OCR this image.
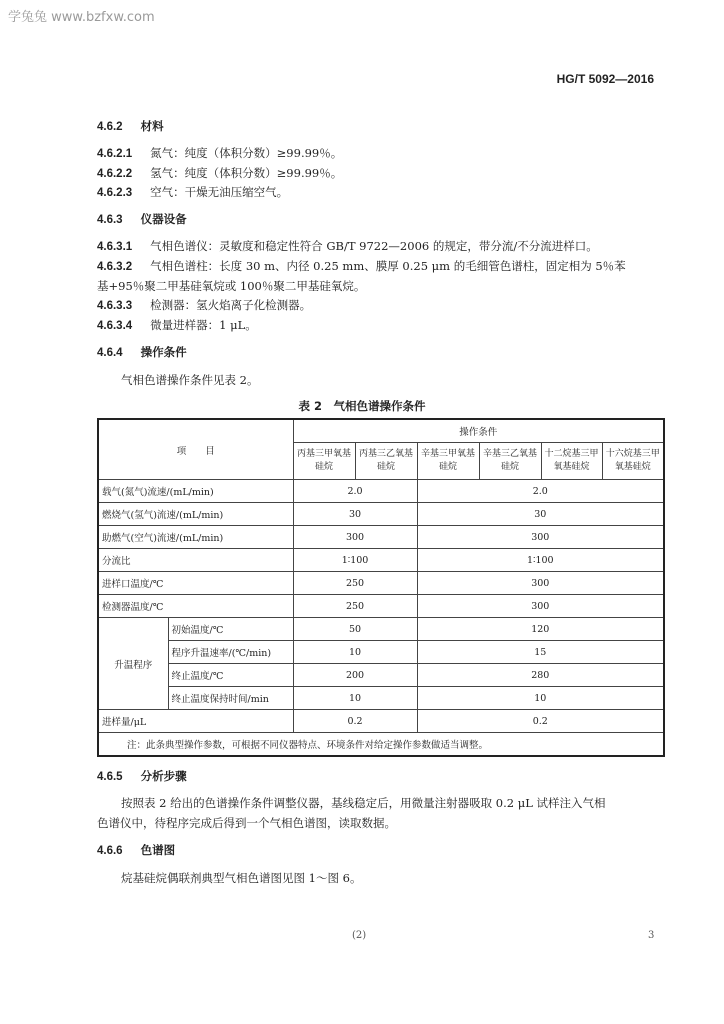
学兔兔 www.bzfxw.com
HG/T 5092—2016
4.6.2 材料
4.6.2.1 氮气：纯度（体积分数）≥99.99％。
4.6.2.2 氢气：纯度（体积分数）≥99.99％。
4.6.2.3 空气：干燥无油压缩空气。
4.6.3 仪器设备
4.6.3.1 气相色谱仪：灵敏度和稳定性符合 GB/T 9722—2006 的规定，带分流/不分流进样口。
4.6.3.2 气相色谱柱：长度 30 m、内径 0.25 mm、膜厚 0.25 μm 的毛细管色谱柱，固定相为 5％苯
基+95％聚二甲基硅氧烷或 100％聚二甲基硅氧烷。
4.6.3.3 检测器：氢火焰离子化检测器。
4.6.3.4 微量进样器：1 μL。
4.6.4 操作条件
气相色谱操作条件见表 2。
表 2　气相色谱操作条件
项　　目		操作条件					
		丙基三甲氧基硅烷	丙基三乙氧基硅烷	辛基三甲氧基硅烷	辛基三乙氧基硅烷	十二烷基三甲氧基硅烷	十六烷基三甲氧基硅烷
载气(氮气)流速/(mL/min)		2.0		2.0			
燃烧气(氢气)流速/(mL/min)		30		30			
助燃气(空气)流速/(mL/min)		300		300			
分流比		1∶100		1∶100			
进样口温度/℃		250		300			
检测器温度/℃		250		300			
升温程序	初始温度/℃	50		120			
	程序升温速率/(℃/min)	10		15			
	终止温度/℃	200		280			
	终止温度保持时间/min	10		10			
进样量/μL		0.2		0.2			
注：此条典型操作参数，可根据不同仪器特点、环境条件对给定操作参数做适当调整。							
4.6.5 分析步骤
按照表 2 给出的色谱操作条件调整仪器，基线稳定后，用微量注射器吸取 0.2 μL 试样注入气相
色谱仪中，待程序完成后得到一个气相色谱图，读取数据。
4.6.6 色谱图
烷基硅烷偶联剂典型气相色谱图见图 1～图 6。
(2)	3
